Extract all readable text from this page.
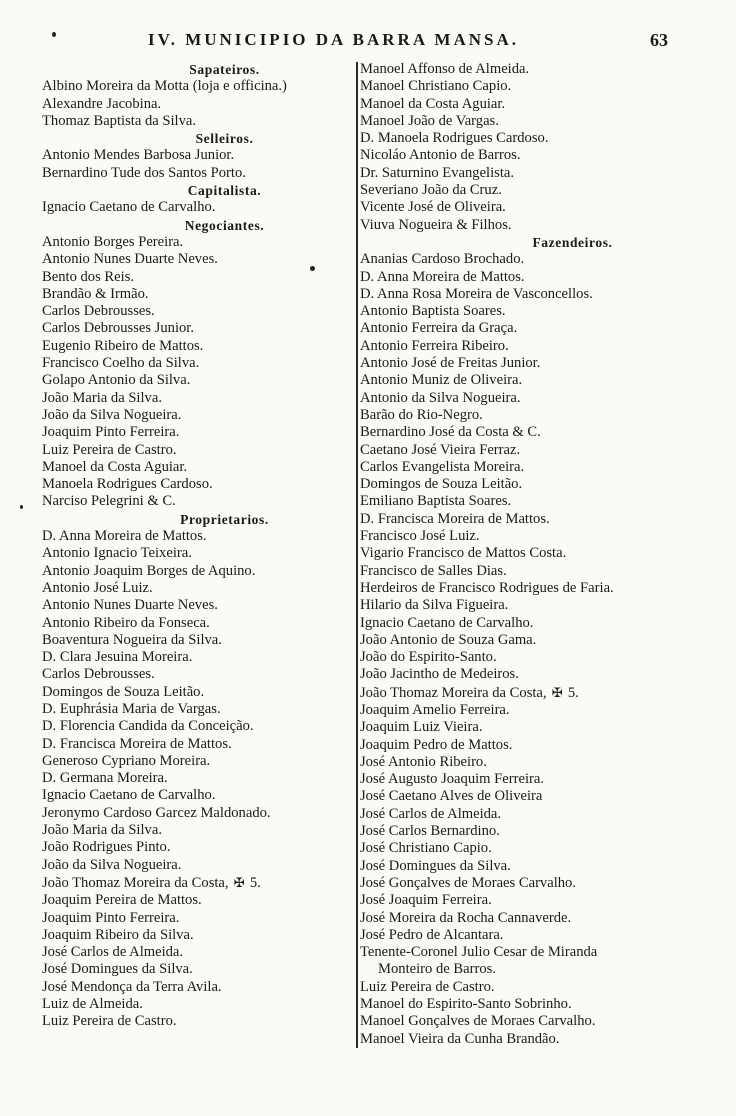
IV. MUNICIPIO DA BARRA MANSA.	63
Sapateiros.
Albino Moreira da Motta (loja e officina.)
Alexandre Jacobina.
Thomaz Baptista da Silva.
Selleiros.
Antonio Mendes Barbosa Junior.
Bernardino Tude dos Santos Porto.
Capitalista.
Ignacio Caetano de Carvalho.
Negociantes.
Antonio Borges Pereira.
Antonio Nunes Duarte Neves.
Bento dos Reis.
Brandão & Irmão.
Carlos Debrousses.
Carlos Debrousses Junior.
Eugenio Ribeiro de Mattos.
Francisco Coelho da Silva.
Golapo Antonio da Silva.
João Maria da Silva.
João da Silva Nogueira.
Joaquim Pinto Ferreira.
Luiz Pereira de Castro.
Manoel da Costa Aguiar.
Manoela Rodrigues Cardoso.
Narciso Pelegrini & C.
Proprietarios.
D. Anna Moreira de Mattos.
Antonio Ignacio Teixeira.
Antonio Joaquim Borges de Aquino.
Antonio José Luiz.
Antonio Nunes Duarte Neves.
Antonio Ribeiro da Fonseca.
Boaventura Nogueira da Silva.
D. Clara Jesuina Moreira.
Carlos Debrousses.
Domingos de Souza Leitão.
D. Euphrásia Maria de Vargas.
D. Florencia Candida da Conceição.
D. Francisca Moreira de Mattos.
Generoso Cypriano Moreira.
D. Germana Moreira.
Ignacio Caetano de Carvalho.
Jeronymo Cardoso Garcez Maldonado.
João Maria da Silva.
João Rodrigues Pinto.
João da Silva Nogueira.
João Thomaz Moreira da Costa, ✠ 5.
Joaquim Pereira de Mattos.
Joaquim Pinto Ferreira.
Joaquim Ribeiro da Silva.
José Carlos de Almeida.
José Domingues da Silva.
José Mendonça da Terra Avila.
Luiz de Almeida.
Luiz Pereira de Castro.
Manoel Affonso de Almeida.
Manoel Christiano Capio.
Manoel da Costa Aguiar.
Manoel João de Vargas.
D. Manoela Rodrigues Cardoso.
Nicoláo Antonio de Barros.
Dr. Saturnino Evangelista.
Severiano João da Cruz.
Vicente José de Oliveira.
Viuva Nogueira & Filhos.
Fazendeiros.
Ananias Cardoso Brochado.
D. Anna Moreira de Mattos.
D. Anna Rosa Moreira de Vasconcellos.
Antonio Baptista Soares.
Antonio Ferreira da Graça.
Antonio Ferreira Ribeiro.
Antonio José de Freitas Junior.
Antonio Muniz de Oliveira.
Antonio da Silva Nogueira.
Barão do Rio-Negro.
Bernardino José da Costa & C.
Caetano José Vieira Ferraz.
Carlos Evangelista Moreira.
Domingos de Souza Leitão.
Emiliano Baptista Soares.
D. Francisca Moreira de Mattos.
Francisco José Luiz.
Vigario Francisco de Mattos Costa.
Francisco de Salles Dias.
Herdeiros de Francisco Rodrigues de Faria.
Hilario da Silva Figueira.
Ignacio Caetano de Carvalho.
João Antonio de Souza Gama.
João do Espirito-Santo.
João Jacintho de Medeiros.
João Thomaz Moreira da Costa, ✠ 5.
Joaquim Amelio Ferreira.
Joaquim Luiz Vieira.
Joaquim Pedro de Mattos.
José Antonio Ribeiro.
José Augusto Joaquim Ferreira.
José Caetano Alves de Oliveira
José Carlos de Almeida.
José Carlos Bernardino.
José Christiano Capio.
José Domingues da Silva.
José Gonçalves de Moraes Carvalho.
José Joaquim Ferreira.
José Moreira da Rocha Cannaverde.
José Pedro de Alcantara.
Tenente-Coronel Julio Cesar de Miranda
Monteiro de Barros.
Luiz Pereira de Castro.
Manoel do Espirito-Santo Sobrinho.
Manoel Gonçalves de Moraes Carvalho.
Manoel Vieira da Cunha Brandão.
